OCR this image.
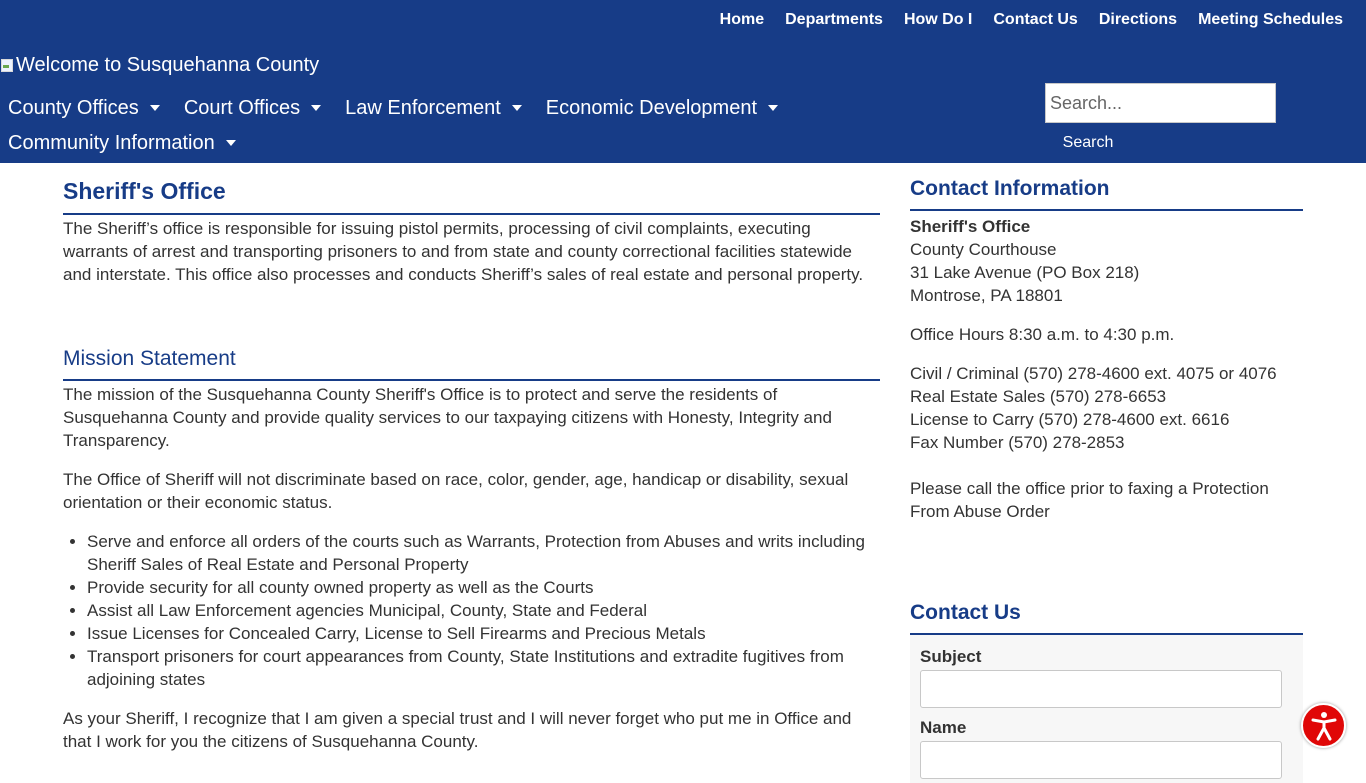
Home Departments How Do I Contact Us Directions Meeting Schedules
Welcome to Susquehanna County
County Offices Court Offices Law Enforcement Economic Development
Community Information
Search...	Search
Sheriff's Office

The Sheriff’s office is responsible for issuing pistol permits, processing of civil complaints, executing warrants of arrest and transporting prisoners to and from state and county correctional facilities statewide and interstate. This office also processes and conducts Sheriff’s sales of real estate and personal property.

Mission Statement

The mission of the Susquehanna County Sheriff's Office is to protect and serve the residents of Susquehanna County and provide quality services to our taxpaying citizens with Honesty, Integrity and Transparency.

The Office of Sheriff will not discriminate based on race, color, gender, age, handicap or disability, sexual orientation or their economic status.

• Serve and enforce all orders of the courts such as Warrants, Protection from Abuses and writs including Sheriff Sales of Real Estate and Personal Property
• Provide security for all county owned property as well as the Courts
• Assist all Law Enforcement agencies Municipal, County, State and Federal
• Issue Licenses for Concealed Carry, License to Sell Firearms and Precious Metals
• Transport prisoners for court appearances from County, State Institutions and extradite fugitives from adjoining states

As your Sheriff, I recognize that I am given a special trust and I will never forget who put me in Office and that I work for you the citizens of Susquehanna County.

Contact Information
Sheriff's Office
County Courthouse
31 Lake Avenue (PO Box 218)
Montrose, PA 18801
Office Hours 8:30 a.m. to 4:30 p.m.
Civil / Criminal (570) 278-4600 ext. 4075 or 4076
Real Estate Sales (570) 278-6653
License to Carry (570) 278-4600 ext. 6616
Fax Number (570) 278-2853
Please call the office prior to faxing a Protection From Abuse Order
Contact Us
Subject
Name
